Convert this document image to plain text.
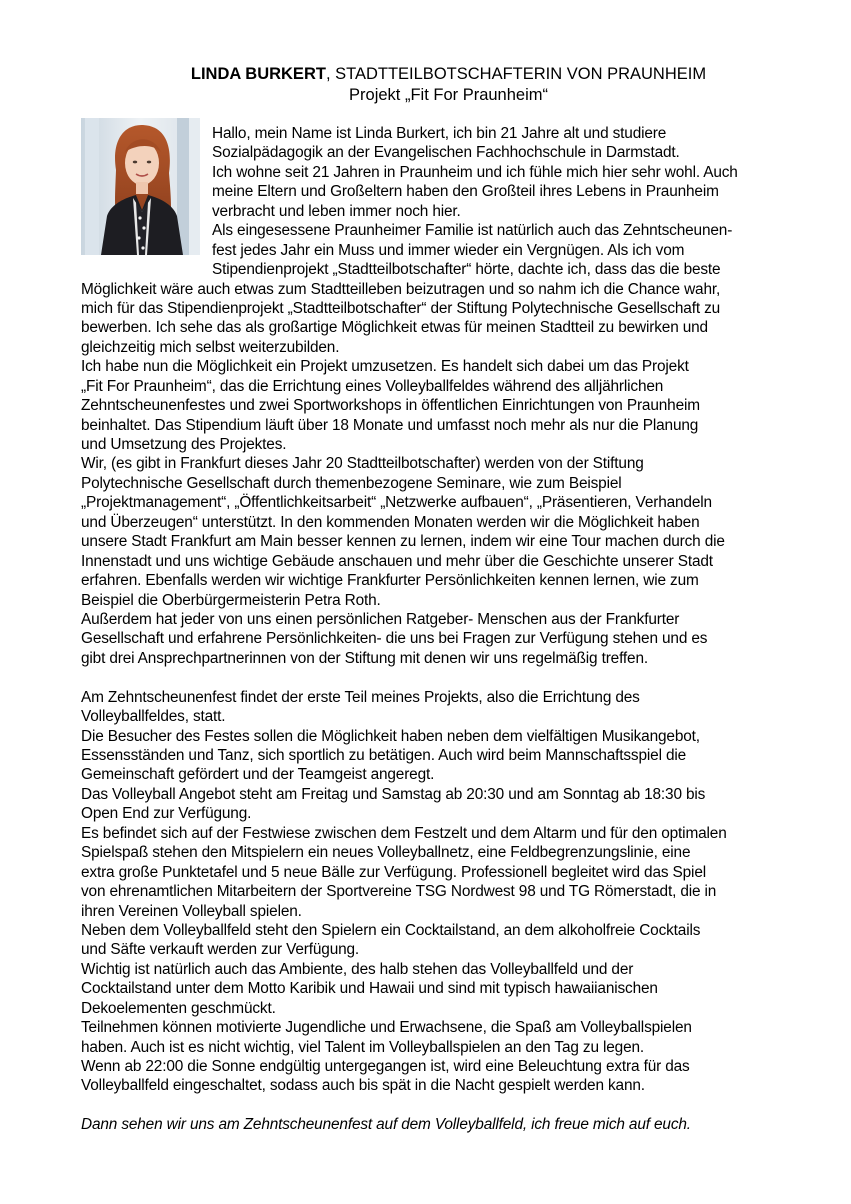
LINDA BURKERT, STADTTEILBOTSCHAFTERIN VON PRAUNHEIM
Projekt „Fit For Praunheim“
Hallo, mein Name ist Linda Burkert, ich bin 21 Jahre alt und studiere
Sozialpädagogik an der Evangelischen Fachhochschule in Darmstadt.
Ich wohne seit 21 Jahren in Praunheim und ich fühle mich hier sehr wohl. Auch
meine Eltern und Großeltern haben den Großteil ihres Lebens in Praunheim
verbracht und leben immer noch hier.
Als eingesessene Praunheimer Familie ist natürlich auch das Zehntscheunen-
fest jedes Jahr ein Muss und immer wieder ein Vergnügen. Als ich vom
Stipendienprojekt „Stadtteilbotschafter“ hörte, dachte ich, dass das die beste
Möglichkeit wäre auch etwas zum Stadtteilleben beizutragen und so nahm ich die Chance wahr,
mich für das Stipendienprojekt „Stadtteilbotschafter“ der Stiftung Polytechnische Gesellschaft zu
bewerben. Ich sehe das als großartige Möglichkeit etwas für meinen Stadtteil zu bewirken und
gleichzeitig mich selbst weiterzubilden.
Ich habe nun die Möglichkeit ein Projekt umzusetzen. Es handelt sich dabei um das Projekt
„Fit For Praunheim“, das die Errichtung eines Volleyballfeldes während des alljährlichen
Zehntscheunenfestes und zwei Sportworkshops in öffentlichen Einrichtungen von Praunheim
beinhaltet. Das Stipendium läuft über 18 Monate und umfasst noch mehr als nur die Planung
und Umsetzung des Projektes.
Wir, (es gibt in Frankfurt dieses Jahr 20 Stadtteilbotschafter) werden von der Stiftung
Polytechnische Gesellschaft durch themenbezogene Seminare, wie zum Beispiel
„Projektmanagement“, „Öffentlichkeitsarbeit“ „Netzwerke aufbauen“, „Präsentieren, Verhandeln
und Überzeugen“ unterstützt. In den kommenden Monaten werden wir die Möglichkeit haben
unsere Stadt Frankfurt am Main besser kennen zu lernen, indem wir eine Tour machen durch die
Innenstadt und uns wichtige Gebäude anschauen und mehr über die Geschichte unserer Stadt
erfahren. Ebenfalls werden wir wichtige Frankfurter Persönlichkeiten kennen lernen, wie zum
Beispiel die Oberbürgermeisterin Petra Roth.
Außerdem hat jeder von uns einen persönlichen Ratgeber- Menschen aus der Frankfurter
Gesellschaft und erfahrene Persönlichkeiten- die uns bei Fragen zur Verfügung stehen und es
gibt drei Ansprechpartnerinnen von der Stiftung mit denen wir uns regelmäßig treffen.
Am Zehntscheunenfest findet der erste Teil meines Projekts, also die Errichtung des
Volleyballfeldes, statt.
Die Besucher des Festes sollen die Möglichkeit haben neben dem vielfältigen Musikangebot,
Essensständen und Tanz, sich sportlich zu betätigen. Auch wird beim Mannschaftsspiel die
Gemeinschaft gefördert und der Teamgeist angeregt.
Das Volleyball Angebot steht am Freitag und Samstag ab 20:30 und am Sonntag ab 18:30 bis
Open End zur Verfügung.
Es befindet sich auf der Festwiese zwischen dem Festzelt und dem Altarm und für den optimalen
Spielspaß stehen den Mitspielern ein neues Volleyballnetz, eine Feldbegrenzungslinie, eine
extra große Punktetafel und 5 neue Bälle zur Verfügung. Professionell begleitet wird das Spiel
von ehrenamtlichen Mitarbeitern der Sportvereine TSG Nordwest 98 und TG Römerstadt, die in
ihren Vereinen Volleyball spielen.
Neben dem Volleyballfeld steht den Spielern ein Cocktailstand, an dem alkoholfreie Cocktails
und Säfte verkauft werden zur Verfügung.
Wichtig ist natürlich auch das Ambiente, des halb stehen das Volleyballfeld und der
Cocktailstand unter dem Motto Karibik und Hawaii und sind mit typisch hawaiianischen
Dekoelementen geschmückt.
Teilnehmen können motivierte Jugendliche und Erwachsene, die Spaß am Volleyballspielen
haben. Auch ist es nicht wichtig, viel Talent im Volleyballspielen an den Tag zu legen.
Wenn ab 22:00 die Sonne endgültig untergegangen ist, wird eine Beleuchtung extra für das
Volleyballfeld eingeschaltet, sodass auch bis spät in die Nacht gespielt werden kann.
Dann sehen wir uns am Zehntscheunenfest auf dem Volleyballfeld, ich freue mich auf euch.
